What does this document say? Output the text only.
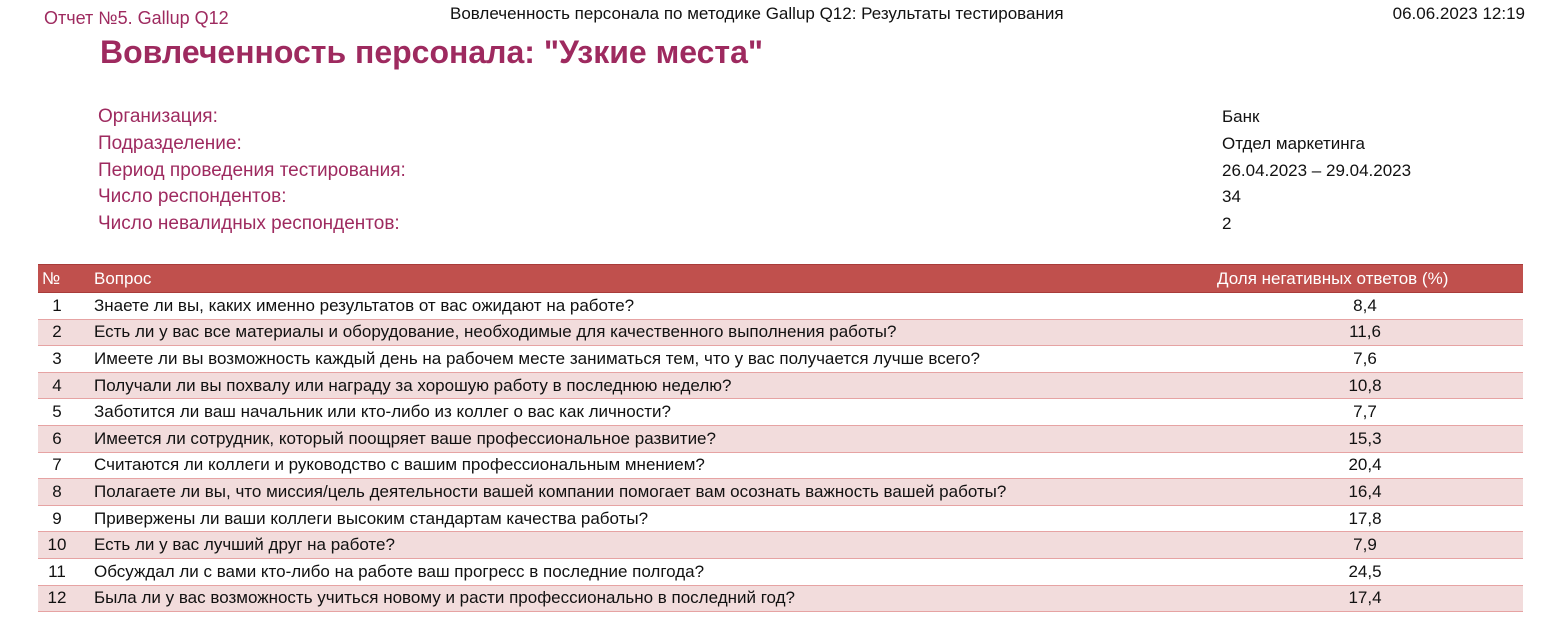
Отчет №5. Gallup Q12	Вовлеченность персонала по методике Gallup Q12: Результаты тестирования	06.06.2023 12:19
Вовлеченность персонала: "Узкие места"
Организация:	Банк
Подразделение:	Отдел маркетинга
Период проведения тестирования:	26.04.2023 – 29.04.2023
Число респондентов:	34
Число невалидных респондентов:	2
№	Вопрос	Доля негативных ответов (%)
1	Знаете ли вы, каких именно результатов от вас ожидают на работе?	8,4
2	Есть ли у вас все материалы и оборудование, необходимые для качественного выполнения работы?	11,6
3	Имеете ли вы возможность каждый день на рабочем месте заниматься тем, что у вас получается лучше всего?	7,6
4	Получали ли вы похвалу или награду за хорошую работу в последнюю неделю?	10,8
5	Заботится ли ваш начальник или кто-либо из коллег о вас как личности?	7,7
6	Имеется ли сотрудник, который поощряет ваше профессиональное развитие?	15,3
7	Считаются ли коллеги и руководство с вашим профессиональным мнением?	20,4
8	Полагаете ли вы, что миссия/цель деятельности вашей компании помогает вам осознать важность вашей работы?	16,4
9	Привержены ли ваши коллеги высоким стандартам качества работы?	17,8
10	Есть ли у вас лучший друг на работе?	7,9
11	Обсуждал ли с вами кто-либо на работе ваш прогресс в последние полгода?	24,5
12	Была ли у вас возможность учиться новому и расти профессионально в последний год?	17,4
